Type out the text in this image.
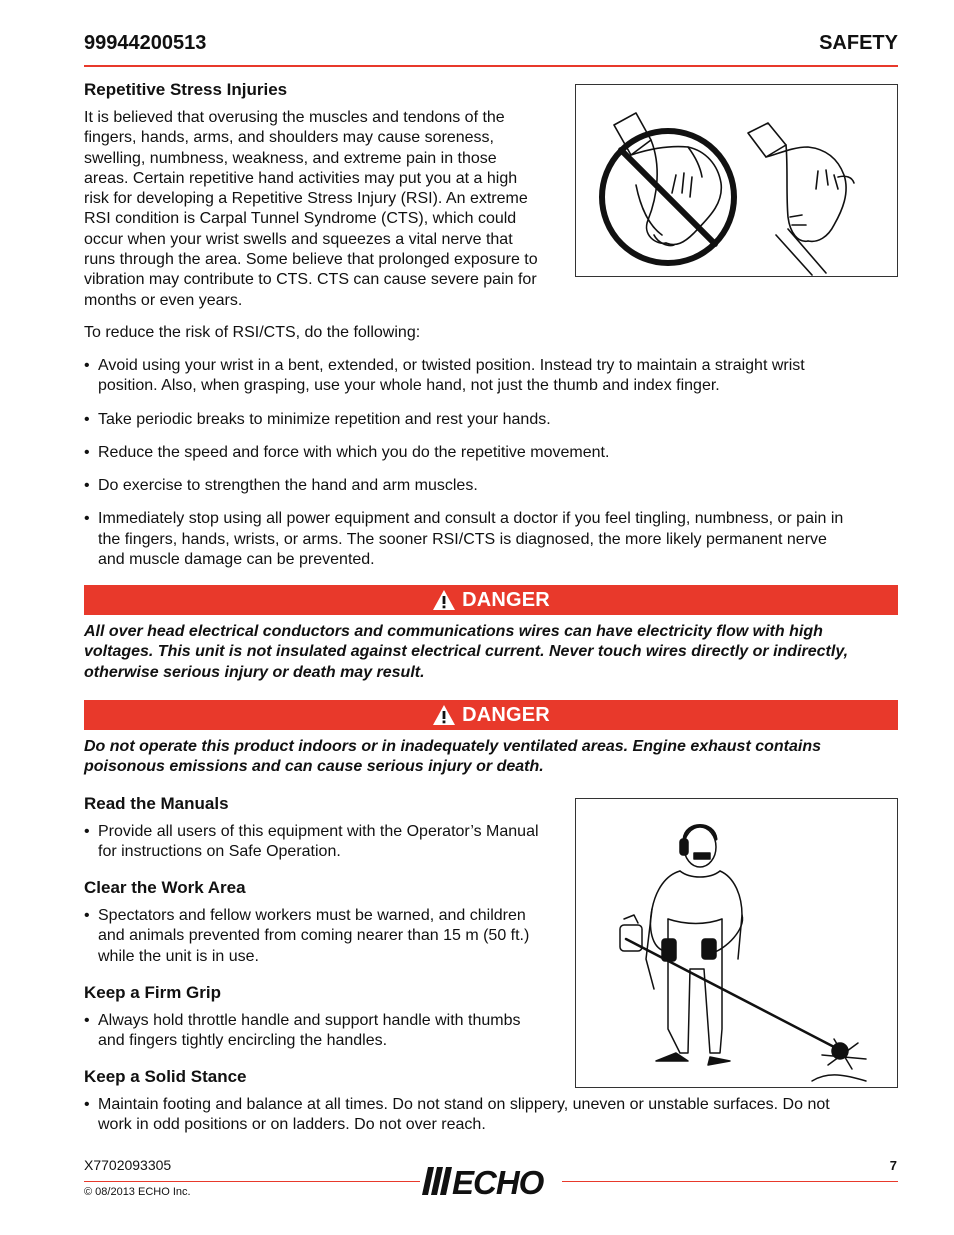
99944200513	SAFETY
Repetitive Stress Injuries
It is believed that overusing the muscles and tendons of the
fingers, hands, arms, and shoulders may cause soreness,
swelling, numbness, weakness, and extreme pain in those
areas. Certain repetitive hand activities may put you at a high
risk for developing a Repetitive Stress Injury (RSI). An extreme
RSI condition is Carpal Tunnel Syndrome (CTS), which could
occur when your wrist swells and squeezes a vital nerve that
runs through the area. Some believe that prolonged exposure to
vibration may contribute to CTS. CTS can cause severe pain for
months or even years.
To reduce the risk of RSI/CTS, do the following:
• Avoid using your wrist in a bent, extended, or twisted position. Instead try to maintain a straight wrist
position. Also, when grasping, use your whole hand, not just the thumb and index finger.
• Take periodic breaks to minimize repetition and rest your hands.
• Reduce the speed and force with which you do the repetitive movement.
• Do exercise to strengthen the hand and arm muscles.
• Immediately stop using all power equipment and consult a doctor if you feel tingling, numbness, or pain in
the fingers, hands, wrists, or arms. The sooner RSI/CTS is diagnosed, the more likely permanent nerve
and muscle damage can be prevented.
DANGER
All over head electrical conductors and communications wires can have electricity flow with high
voltages. This unit is not insulated against electrical current. Never touch wires directly or indirectly,
otherwise serious injury or death may result.
DANGER
Do not operate this product indoors or in inadequately ventilated areas. Engine exhaust contains
poisonous emissions and can cause serious injury or death.
Read the Manuals
• Provide all users of this equipment with the Operator’s Manual
for instructions on Safe Operation.
Clear the Work Area
• Spectators and fellow workers must be warned, and children
and animals prevented from coming nearer than 15 m (50 ft.)
while the unit is in use.
Keep a Firm Grip
• Always hold throttle handle and support handle with thumbs
and fingers tightly encircling the handles.
Keep a Solid Stance
• Maintain footing and balance at all times. Do not stand on slippery, uneven or unstable surfaces. Do not
work in odd positions or on ladders. Do not over reach.
X7702093305	7
ECHO
© 08/2013 ECHO Inc.
